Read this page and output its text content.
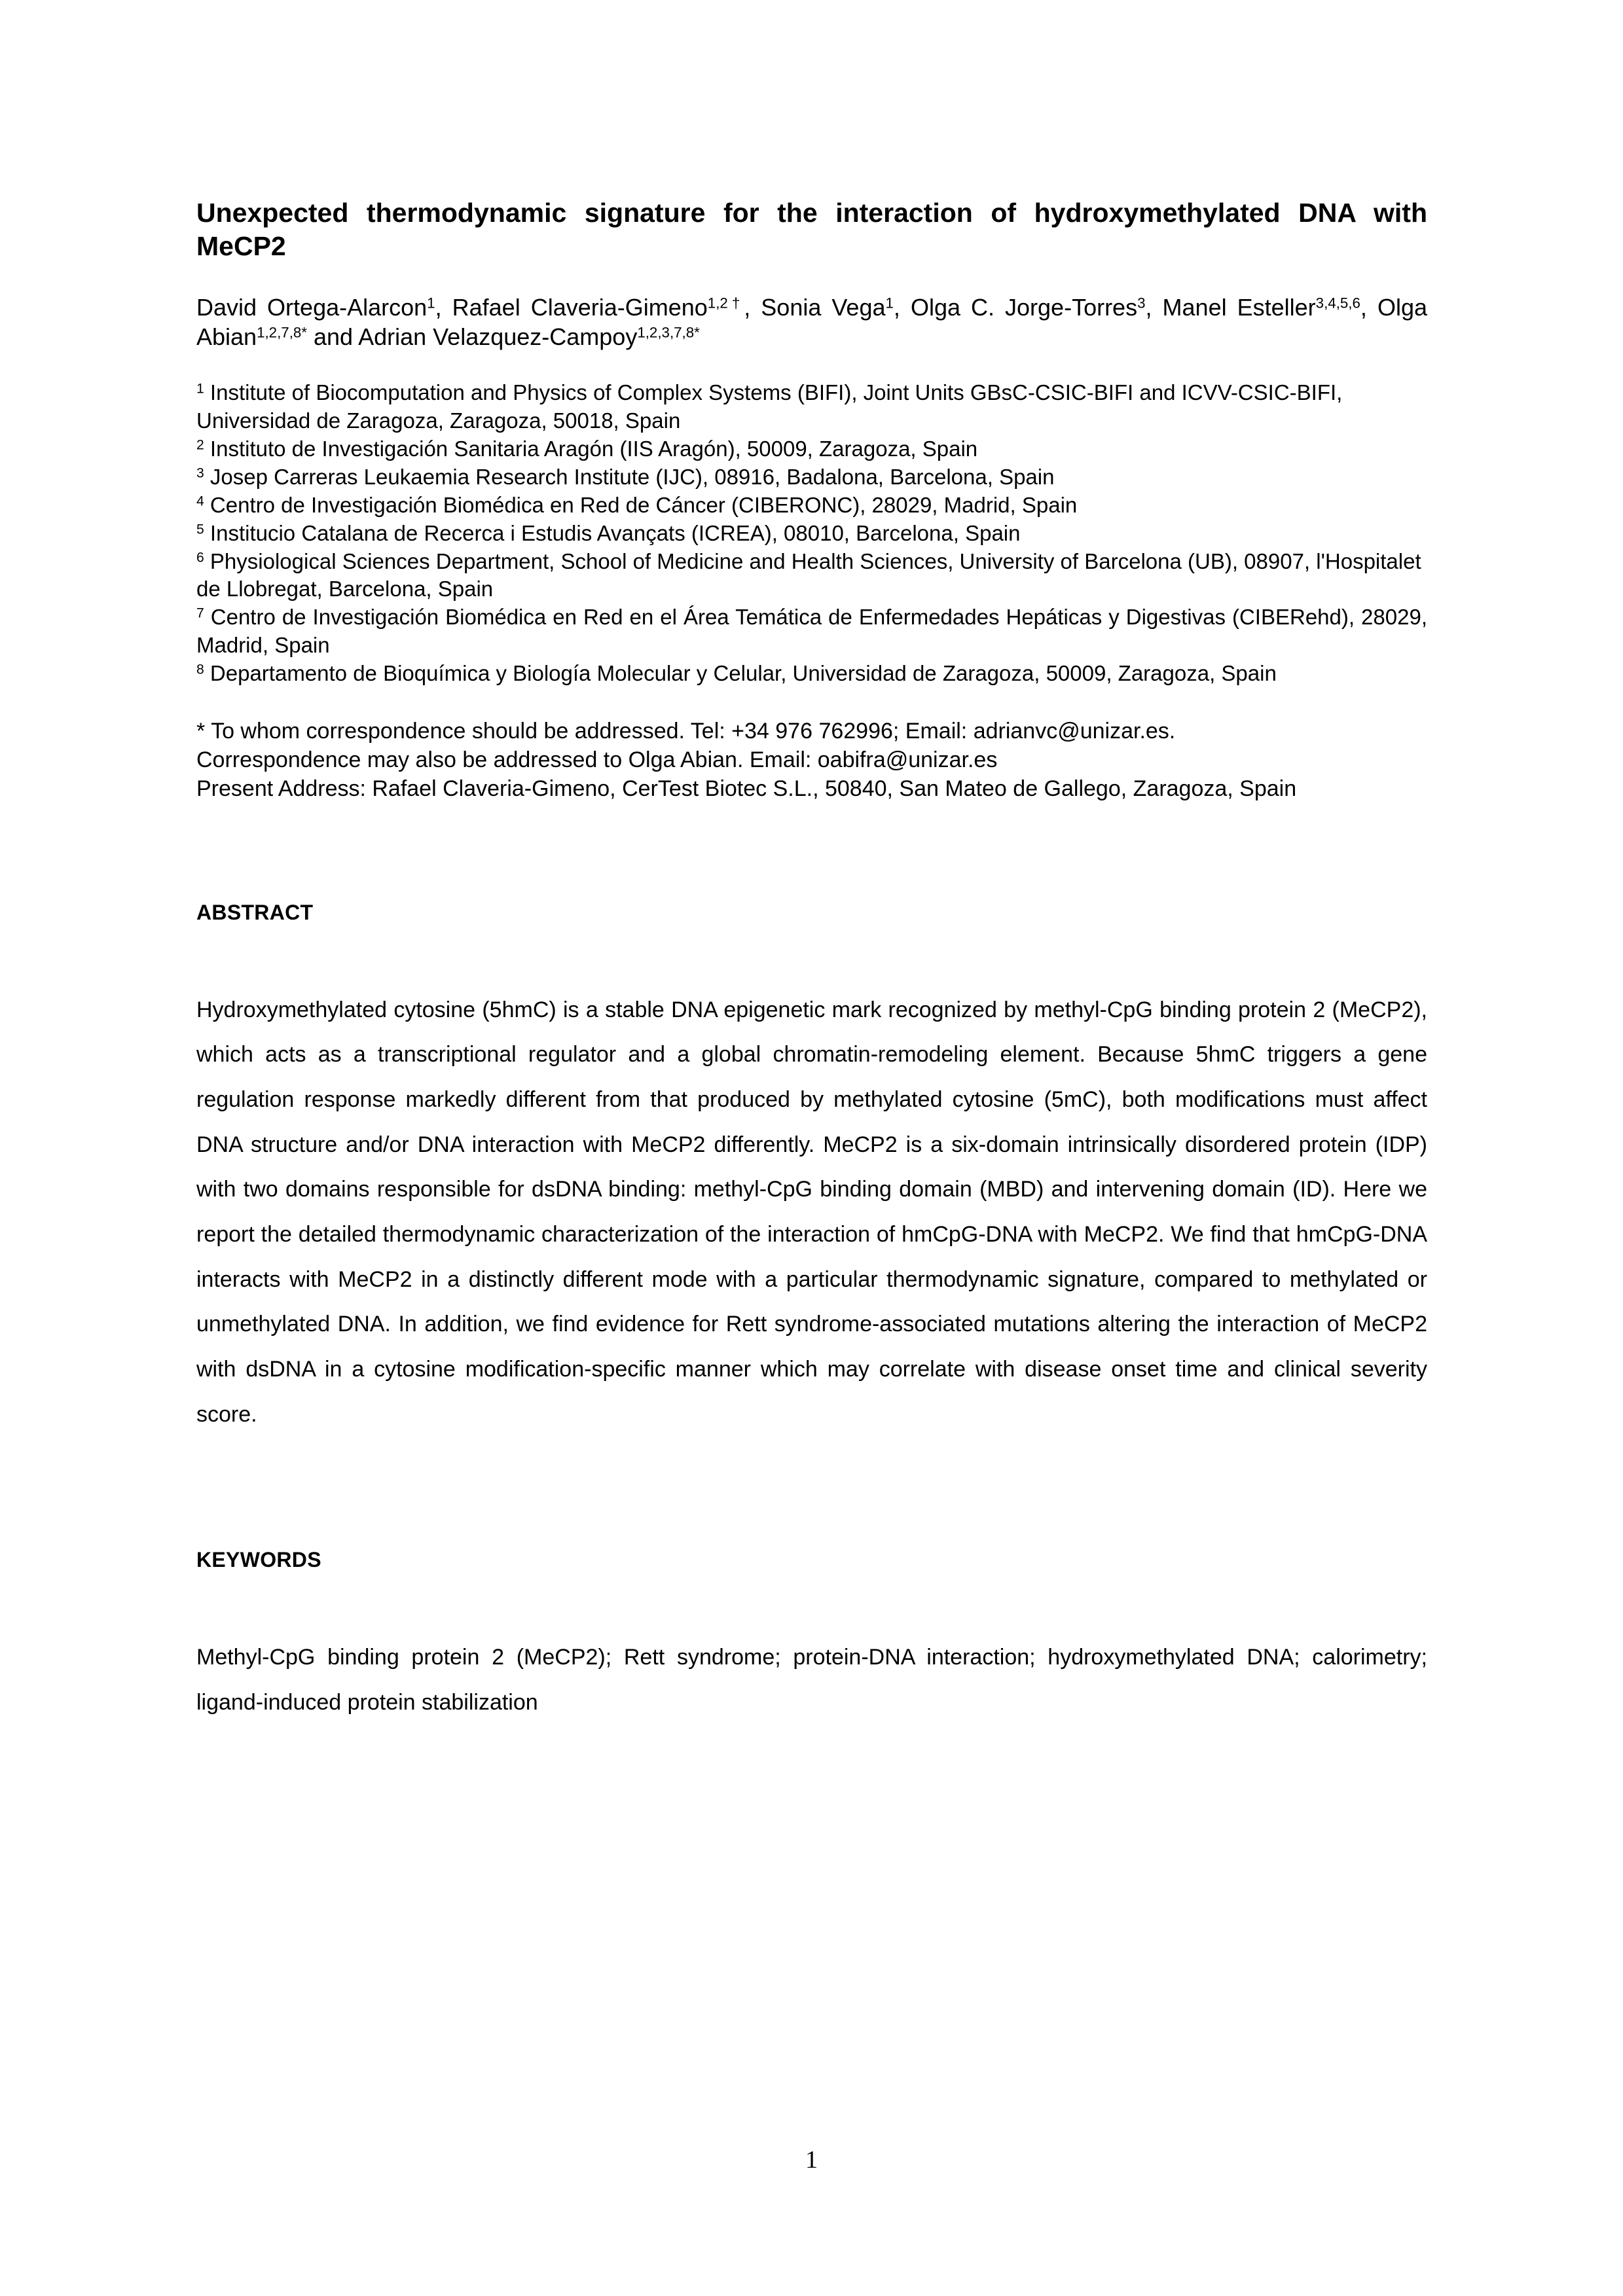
Unexpected thermodynamic signature for the interaction of hydroxymethylated DNA with MeCP2
David Ortega-Alarcon$^1$, Rafael Claveria-Gimeno$^{1,2\dagger}$, Sonia Vega$^1$, Olga C. Jorge-Torres$^3$, Manel Esteller$^{3,4,5,6}$, Olga Abian$^{1,2,7,8*}$ and Adrian Velazquez-Campoy$^{1,2,3,7,8*}$

$^1$ Institute of Biocomputation and Physics of Complex Systems (BIFI), Joint Units GBsC-CSIC-BIFI and ICVV-CSIC-BIFI, Universidad de Zaragoza, Zaragoza, 50018, Spain

$^2$ Instituto de Investigación Sanitaria Aragón (IIS Aragón), 50009, Zaragoza, Spain

$^3$ Josep Carreras Leukaemia Research Institute (IJC), 08916, Badalona, Barcelona, Spain

$^4$ Centro de Investigación Biomédica en Red de Cáncer (CIBERONC), 28029, Madrid, Spain

$^5$ Institucio Catalana de Recerca i Estudis Avançats (ICREA), 08010, Barcelona, Spain

$^6$ Physiological Sciences Department, School of Medicine and Health Sciences, University of Barcelona (UB), 08907, l'Hospitalet de Llobregat, Barcelona, Spain

$^7$ Centro de Investigación Biomédica en Red en el Área Temática de Enfermedades Hepáticas y Digestivas (CIBERehd), 28029, Madrid, Spain

$^8$ Departamento de Bioquímica y Biología Molecular y Celular, Universidad de Zaragoza, 50009, Zaragoza, Spain

* To whom correspondence should be addressed. Tel: +34 976 762996; Email: adrianvc@unizar.es.

Correspondence may also be addressed to Olga Abian. Email: oabifra@unizar.es

Present Address: Rafael Claveria-Gimeno, CerTest Biotec S.L., 50840, San Mateo de Gallego, Zaragoza, Spain

ABSTRACT

Hydroxymethylated cytosine (5hmC) is a stable DNA epigenetic mark recognized by methyl-CpG binding protein 2 (MeCP2), which acts as a transcriptional regulator and a global chromatin-remodeling element. Because 5hmC triggers a gene regulation response markedly different from that produced by methylated cytosine (5mC), both modifications must affect DNA structure and/or DNA interaction with MeCP2 differently. MeCP2 is a six-domain intrinsically disordered protein (IDP) with two domains responsible for dsDNA binding: methyl-CpG binding domain (MBD) and intervening domain (ID). Here we report the detailed thermodynamic characterization of the interaction of hmCpG-DNA with MeCP2. We find that hmCpG-DNA interacts with MeCP2 in a distinctly different mode with a particular thermodynamic signature, compared to methylated or unmethylated DNA. In addition, we find evidence for Rett syndrome-associated mutations altering the interaction of MeCP2 with dsDNA in a cytosine modification-specific manner which may correlate with disease onset time and clinical severity score.

KEYWORDS

Methyl-CpG binding protein 2 (MeCP2); Rett syndrome; protein-DNA interaction; hydroxymethylated DNA; calorimetry; ligand-induced protein stabilization

1
